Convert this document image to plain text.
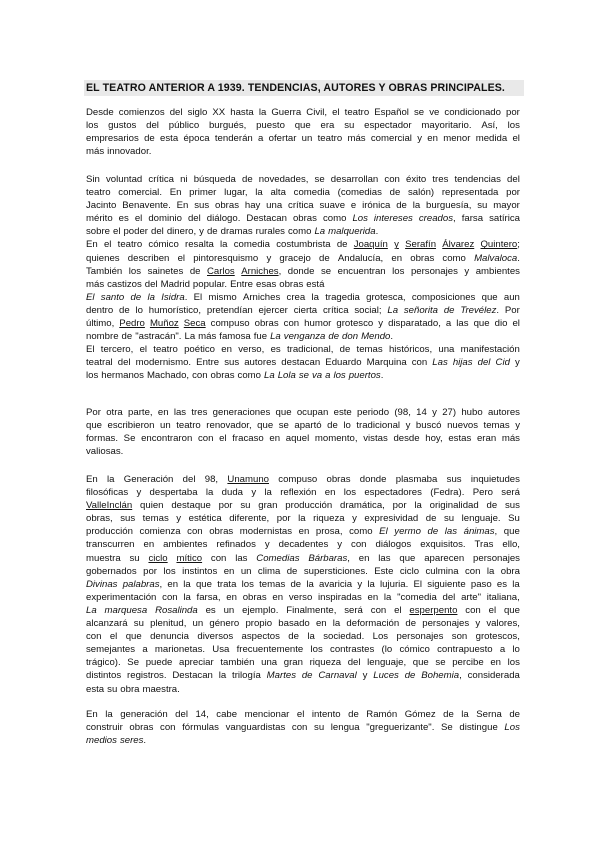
EL TEATRO ANTERIOR A 1939. TENDENCIAS, AUTORES Y OBRAS PRINCIPALES.
Desde comienzos del siglo XX hasta la Guerra Civil, el teatro Español se ve condicionado por
los gustos del público burgués, puesto que era su espectador mayoritario. Así, los
empresarios de esta época tenderán a ofertar un teatro más comercial y en menor medida el
más innovador.
Sin voluntad crítica ni búsqueda de novedades, se desarrollan con éxito tres tendencias del
teatro comercial. En primer lugar, la alta comedia (comedias de salón) representada por
Jacinto Benavente. En sus obras hay una crítica suave e irónica de la burguesía, su mayor
mérito es el dominio del diálogo. Destacan obras como Los intereses creados, farsa satírica
sobre el poder del dinero, y de dramas rurales como La malquerida.
En el teatro cómico resalta la comedia costumbrista de Joaquín y Serafín Álvarez Quintero;
quienes describen el pintoresquismo y gracejo de Andalucía, en obras como Malvaloca.
También los sainetes de Carlos Arniches, donde se encuentran los personajes y ambientes
más castizos del Madrid popular. Entre esas obras está
El santo de la Isidra. El mismo Arniches crea la tragedia grotesca, composiciones que aun
dentro de lo humorístico, pretendían ejercer cierta crítica social; La señorita de Trevélez. Por
último, Pedro Muñoz Seca compuso obras con humor grotesco y disparatado, a las que dio el
nombre de "astracán". La más famosa fue La venganza de don Mendo.
El tercero, el teatro poético en verso, es tradicional, de temas históricos, una manifestación
teatral del modernismo. Entre sus autores destacan Eduardo Marquina con Las hijas del Cid y
los hermanos Machado, con obras como La Lola se va a los puertos.
Por otra parte, en las tres generaciones que ocupan este periodo (98, 14 y 27) hubo autores
que escribieron un teatro renovador, que se apartó de lo tradicional y buscó nuevos temas y
formas. Se encontraron con el fracaso en aquel momento, vistas desde hoy, estas eran más
valiosas.
En la Generación del 98, Unamuno compuso obras donde plasmaba sus inquietudes
filosóficas y despertaba la duda y la reflexión en los espectadores (Fedra). Pero será
ValleInclán quien destaque por su gran producción dramática, por la originalidad de sus
obras, sus temas y estética diferente, por la riqueza y expresividad de su lenguaje. Su
producción comienza con obras modernistas en prosa, como El yermo de las ánimas, que
transcurren en ambientes refinados y decadentes y con diálogos exquisitos. Tras ello,
muestra su ciclo mítico con las Comedias Bárbaras, en las que aparecen personajes
gobernados por los instintos en un clima de supersticiones. Este ciclo culmina con la obra
Divinas palabras, en la que trata los temas de la avaricia y la lujuria. El siguiente paso es la
experimentación con la farsa, en obras en verso inspiradas en la "comedia del arte" italiana,
La marquesa Rosalinda es un ejemplo. Finalmente, será con el esperpento con el que
alcanzará su plenitud, un género propio basado en la deformación de personajes y valores,
con el que denuncia diversos aspectos de la sociedad. Los personajes son grotescos,
semejantes a marionetas. Usa frecuentemente los contrastes (lo cómico contrapuesto a lo
trágico). Se puede apreciar también una gran riqueza del lenguaje, que se percibe en los
distintos registros. Destacan la trilogía Martes de Carnaval y Luces de Bohemia, considerada
esta su obra maestra.
En la generación del 14, cabe mencionar el intento de Ramón Gómez de la Serna de
construir obras con fórmulas vanguardistas con su lengua "greguerizante". Se distingue Los
medios seres.
